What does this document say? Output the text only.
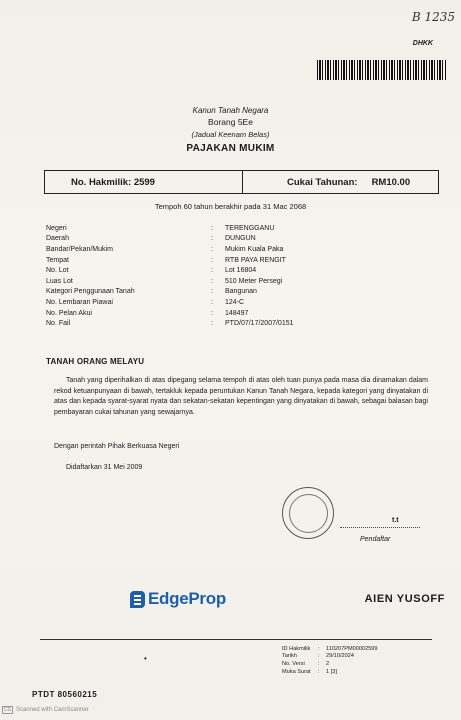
B 1235
DHKK
Kanun Tanah Negara
Borang 5Ee
(Jadual Keenam Belas)
PAJAKAN MUKIM
No. Hakmilik: 2599	Cukai Tahunan: RM10.00
Tempoh 60 tahun berakhir pada 31 Mac 2068
Negeri	:	TERENGGANU
Daerah	:	DUNGUN
Bandar/Pekan/Mukim	:	Mukim Kuala Paka
Tempat	:	RTB PAYA RENGIT
No. Lot	:	Lot 16804
Luas Lot	:	510 Meter Persegi
Kategori Penggunaan Tanah	:	Bangunan
No. Lembaran Piawai	:	124-C
No. Pelan Akui	:	148497
No. Fail	:	PTD/07/17/2007/0151
TANAH ORANG MELAYU
Tanah yang diperihalkan di atas dipegang selama tempoh di atas oleh tuan punya pada masa dia dinamakan dalam rekod ketuanpunyaan di bawah, tertakluk kepada peruntukan Kanun Tanah Negara, kepada kategori yang dinyatakan di atas dan kepada syarat-syarat nyata dan sekatan-sekatan kepentingan yang dinyatakan di bawah, sebagai balasan bagi pembayaran cukai tahunan yang sewajarnya.
Dengan perintah Pihak Berkuasa Negeri
Didaftarkan 31 Mei 2009
t.t
Pendaftar
EdgeProp	AIEN YUSOFF
•
ID Hakmilik	:	110207PM00002599
Tarikh	:	29/10/2024
No. Versi	:	2
Muka Surat	:	1 [3]
PTDT 80560215
CS Scanned with CamScanner
